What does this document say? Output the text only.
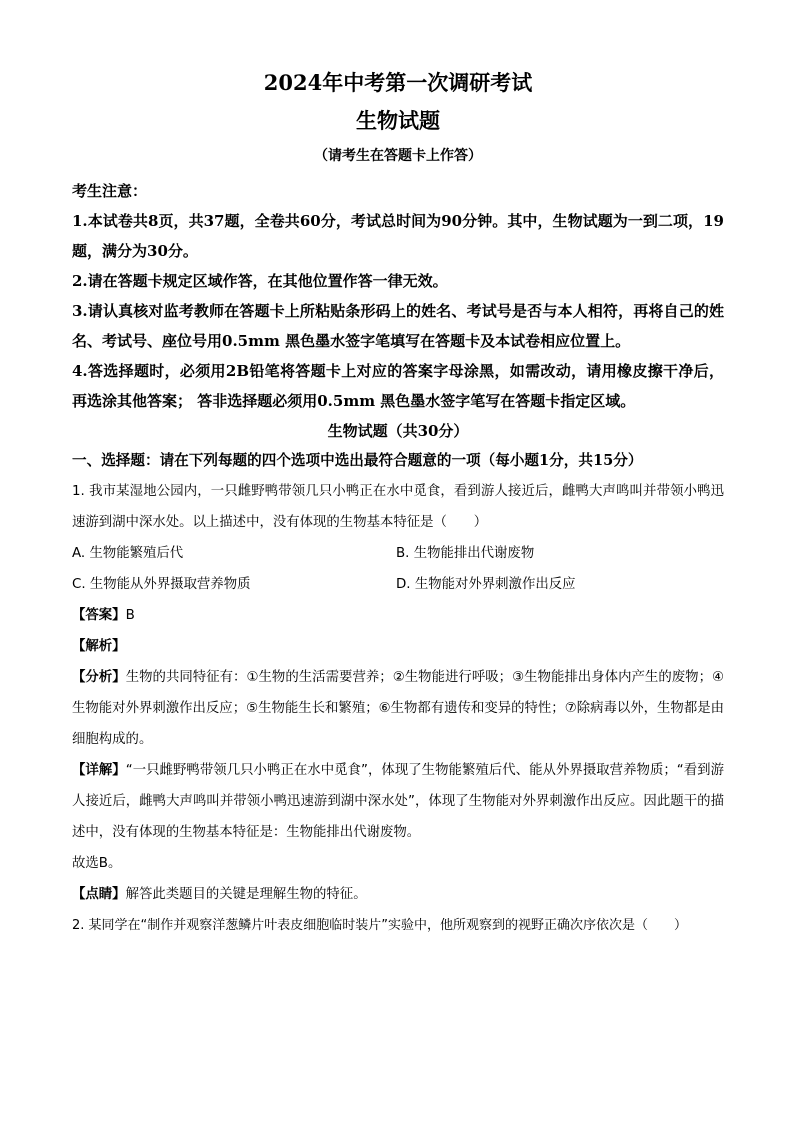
2024年中考第一次调研考试
生物试题
（请考生在答题卡上作答）

考生注意：

1.本试卷共8页，共37题，全卷共60分，考试总时间为90分钟。其中，生物试题为一到二项，19题，满分为30分。

2.请在答题卡规定区域作答，在其他位置作答一律无效。

3.请认真核对监考教师在答题卡上所粘贴条形码上的姓名、考试号是否与本人相符，再将自己的姓名、考试号、座位号用0.5mm 黑色墨水签字笔填写在答题卡及本试卷相应位置上。

4.答选择题时，必须用2B铅笔将答题卡上对应的答案字母涂黑，如需改动，请用橡皮擦干净后，再选涂其他答案； 答非选择题必须用0.5mm 黑色墨水签字笔写在答题卡指定区域。

生物试题（共30分）

一、选择题：请在下列每题的四个选项中选出最符合题意的一项（每小题1分，共15分）

1. 我市某湿地公园内，一只雌野鸭带领几只小鸭正在水中觅食，看到游人接近后，雌鸭大声鸣叫并带领小鸭迅速游到湖中深水处。以上描述中，没有体现的生物基本特征是（　　）

A. 生物能繁殖后代	B. 生物能排出代谢废物
C. 生物能从外界摄取营养物质	D. 生物能对外界刺激作出反应

【答案】B

【解析】

【分析】生物的共同特征有：①生物的生活需要营养；②生物能进行呼吸；③生物能排出身体内产生的废物；④生物能对外界刺激作出反应；⑤生物能生长和繁殖；⑥生物都有遗传和变异的特性；⑦除病毒以外，生物都是由细胞构成的。

【详解】“一只雌野鸭带领几只小鸭正在水中觅食”，体现了生物能繁殖后代、能从外界摄取营养物质；“看到游人接近后，雌鸭大声鸣叫并带领小鸭迅速游到湖中深水处”，体现了生物能对外界刺激作出反应。因此题干的描述中，没有体现的生物基本特征是：生物能排出代谢废物。

故选B。

【点睛】解答此类题目的关键是理解生物的特征。

2. 某同学在“制作并观察洋葱鳞片叶表皮细胞临时装片”实验中，他所观察到的视野正确次序依次是（　　）
